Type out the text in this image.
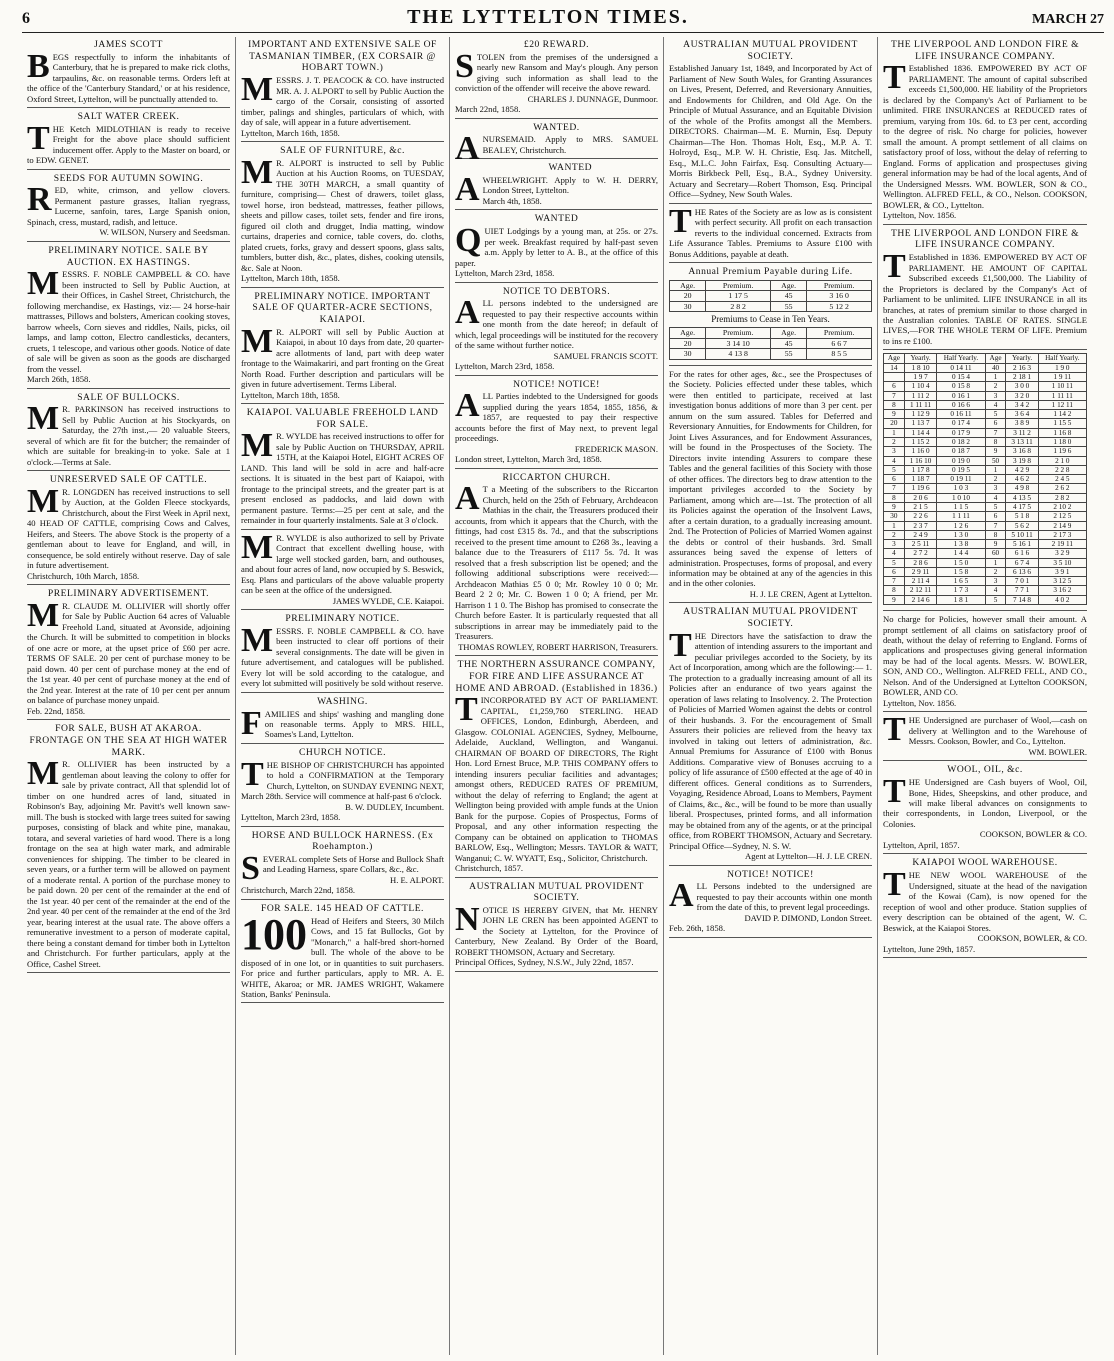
6	THE LYTTELTON TIMES.	MARCH 27
JAMES SCOTT

BEGS respectfully to inform the inhabitants of Canterbury, that he is prepared to make rick cloths, tarpaulins, &c. on reasonable terms. Orders left at the office of the 'Canterbury Standard,' or at his residence, Oxford Street, Lyttelton, will be punctually attended to.

SALT WATER CREEK.

THE Ketch MIDLOTHIAN is ready to receive Freight for the above place should sufficient inducement offer. Apply to the Master on board, or to EDW. GENET.

SEEDS FOR AUTUMN SOWING.

RED, white, crimson, and yellow clovers. Permanent pasture grasses, Italian ryegrass, Lucerne, sanfoin, tares, Large Spanish onion, Spinach, cress, mustard, radish, and lettuce.

W. WILSON, Nursery and Seedsman.
PRELIMINARY NOTICE. SALE BY AUCTION. EX HASTINGS.

MESSRS. F. NOBLE CAMPBELL & CO. have been instructed to Sell by Public Auction, at their Offices, in Cashel Street, Christchurch, the following merchandise, ex Hastings, viz:— 24 horse-hair mattrasses, Pillows and bolsters, American cooking stoves, barrow wheels, Corn sieves and riddles, Nails, picks, oil lamps, and lamp cotton, Electro candlesticks, decanters, cruets, 1 telescope, and various other goods. Notice of date of sale will be given as soon as the goods are discharged from the vessel.

March 26th, 1858.
SALE OF BULLOCKS.

M R. PARKINSON has received instructions to Sell by Public Auction at his Stockyards, on Saturday, the 27th inst.,— 20 valuable Steers, several of which are fit for the butcher; the remainder of which are suitable for breaking-in to yoke. Sale at 1 o'clock.—Terms at Sale.

UNRESERVED SALE OF CATTLE.

M R. LONGDEN has received instructions to sell by Auction, at the Golden Fleece stockyards, Christchurch, about the First Week in April next, 40 HEAD OF CATTLE, comprising Cows and Calves, Heifers, and Steers. The above Stock is the property of a gentleman about to leave for England, and will, in consequence, be sold entirely without reserve. Day of sale in future advertisement.

Christchurch, 10th March, 1858.
PRELIMINARY ADVERTISEMENT.

M R. CLAUDE M. OLLIVIER will shortly offer for Sale by Public Auction 64 acres of Valuable Freehold Land, situated at Avonside, adjoining the Church. It will be submitted to competition in blocks of one acre or more, at the upset price of £60 per acre. TERMS OF SALE. 20 per cent of purchase money to be paid down. 40 per cent of purchase money at the end of the 1st year. 40 per cent of purchase money at the end of the 2nd year. Interest at the rate of 10 per cent per annum on balance of purchase money unpaid.

Feb. 22nd, 1858.
FOR SALE, BUSH AT AKAROA. FRONTAGE ON THE SEA AT HIGH WATER MARK.

M R. OLLIVIER has been instructed by a gentleman about leaving the colony to offer for sale by private contract, All that splendid lot of timber on one hundred acres of land, situated in Robinson's Bay, adjoining Mr. Pavitt's well known saw-mill. The bush is stocked with large trees suited for sawing purposes, consisting of black and white pine, manakau, totara, and several varieties of hard wood. There is a long frontage on the sea at high water mark, and admirable conveniences for shipping. The timber to be cleared in seven years, or a further term will be allowed on payment of a moderate rental. A portion of the purchase money to be paid down. 20 per cent of the remainder at the end of the 1st year. 40 per cent of the remainder at the end of the 2nd year. 40 per cent of the remainder at the end of the 3rd year, bearing interest at the usual rate. The above offers a remunerative investment to a person of moderate capital, there being a constant demand for timber both in Lyttelton and Christchurch. For further particulars, apply at the Office, Cashel Street.

IMPORTANT AND EXTENSIVE SALE OF TASMANIAN TIMBER, (EX CORSAIR @ HOBART TOWN.)

MESSRS. J. T. PEACOCK & CO. have instructed MR. A. J. ALPORT to sell by Public Auction the cargo of the Corsair, consisting of assorted timber, palings and shingles, particulars of which, with day of sale, will appear in a future advertisement.

Lyttelton, March 16th, 1858.
SALE OF FURNITURE, &c.

M R. ALPORT is instructed to sell by Public Auction at his Auction Rooms, on TUESDAY, THE 30TH MARCH, a small quantity of furniture, comprising— Chest of drawers, toilet glass, towel horse, iron bedstead, mattresses, feather pillows, sheets and pillow cases, toilet sets, fender and fire irons, figured oil cloth and drugget, India matting, window curtains, draperies and cornice, table covers, do. cloths, plated cruets, forks, gravy and dessert spoons, glass salts, tumblers, butter dish, &c., plates, dishes, cooking utensils, &c. Sale at Noon.

Lyttelton, March 18th, 1858.
PRELIMINARY NOTICE. IMPORTANT SALE OF QUARTER-ACRE SECTIONS, KAIAPOI.

M R. ALPORT will sell by Public Auction at Kaiapoi, in about 10 days from date, 20 quarter-acre allotments of land, part with deep water frontage to the Waimakariri, and part fronting on the Great North Road. Further description and particulars will be given in future advertisement. Terms Liberal.

Lyttelton, March 18th, 1858.
KAIAPOI. VALUABLE FREEHOLD LAND FOR SALE.

M R. WYLDE has received instructions to offer for sale by Public Auction on THURSDAY, APRIL 15TH, at the Kaiapoi Hotel, EIGHT ACRES OF LAND. This land will be sold in acre and half-acre sections. It is situated in the best part of Kaiapoi, with frontage to the principal streets, and the greater part is at present enclosed as paddocks, and laid down with permanent pasture. Terms:—25 per cent at sale, and the remainder in four quarterly instalments. Sale at 3 o'clock.

M R. WYLDE is also authorized to sell by Private Contract that excellent dwelling house, with large well stocked garden, barn, and outhouses, and about four acres of land, now occupied by S. Beswick, Esq. Plans and particulars of the above valuable property can be seen at the office of the undersigned.

JAMES WYLDE, C.E. Kaiapoi.
PRELIMINARY NOTICE.

MESSRS. F. NOBLE CAMPBELL & CO. have been instructed to clear off portions of their several consignments. The date will be given in future advertisement, and catalogues will be published. Every lot will be sold according to the catalogue, and every lot submitted will positively be sold without reserve.

WASHING.

FAMILIES and ships' washing and mangling done on reasonable terms. Apply to MRS. HILL, Soames's Land, Lyttelton.

CHURCH NOTICE.

THE BISHOP OF CHRISTCHURCH has appointed to hold a CONFIRMATION at the Temporary Church, Lyttelton, on SUNDAY EVENING NEXT, March 28th. Service will commence at half-past 6 o'clock.

B. W. DUDLEY, Incumbent.
Lyttelton, March 23rd, 1858.
HORSE AND BULLOCK HARNESS. (Ex Roehampton.)

SEVERAL complete Sets of Horse and Bullock Shaft and Leading Harness, spare Collars, &c., &c.

H. E. ALPORT.
Christchurch, March 22nd, 1858.
FOR SALE. 145 HEAD OF CATTLE.

100 Head of Heifers and Steers, 30 Milch Cows, and 15 fat Bullocks, Got by "Monarch," a half-bred short-horned bull. The whole of the above to be disposed of in one lot, or in quantities to suit purchasers. For price and further particulars, apply to MR. A. E. WHITE, Akaroa; or MR. JAMES WRIGHT, Wakamere Station, Banks' Peninsula.

£20 REWARD.

STOLEN from the premises of the undersigned a nearly new Ransom and May's plough. Any person giving such information as shall lead to the conviction of the offender will receive the above reward.

CHARLES J. DUNNAGE, Dunmoor.
March 22nd, 1858.
WANTED.

ANURSEMAID. Apply to MRS. SAMUEL BEALEY, Christchurch.

WANTED

AWHEELWRIGHT. Apply to W. H. DERRY, London Street, Lyttelton.

March 4th, 1858.
WANTED

QUIET Lodgings by a young man, at 25s. or 27s. per week. Breakfast required by half-past seven a.m. Apply by letter to A. B., at the office of this paper.

Lyttelton, March 23rd, 1858.
NOTICE TO DEBTORS.

ALL persons indebted to the undersigned are requested to pay their respective accounts within one month from the date hereof; in default of which, legal proceedings will be instituted for the recovery of the same without further notice.

SAMUEL FRANCIS SCOTT.
Lyttelton, March 23rd, 1858.
NOTICE! NOTICE!

ALL Parties indebted to the Undersigned for goods supplied during the years 1854, 1855, 1856, & 1857, are requested to pay their respective accounts before the first of May next, to prevent legal proceedings.

FREDERICK MASON.
London street, Lyttelton, March 3rd, 1858.
RICCARTON CHURCH.

A T a Meeting of the subscribers to the Riccarton Church, held on the 25th of February, Archdeacon Mathias in the chair, the Treasurers produced their accounts, from which it appears that the Church, with the fittings, had cost £315 8s. 7d., and that the subscriptions received to the present time amount to £268 3s., leaving a balance due to the Treasurers of £117 5s. 7d. It was resolved that a fresh subscription list be opened; and the following additional subscriptions were received:— Archdeacon Mathias £5 0 0; Mr. Rowley 10 0 0; Mr. Beard 2 2 0; Mr. C. Bowen 1 0 0; A friend, per Mr. Harrison 1 1 0. The Bishop has promised to consecrate the Church before Easter. It is particularly requested that all subscriptions in arrear may be immediately paid to the Treasurers.

THOMAS ROWLEY, ROBERT HARRISON, Treasurers.
THE NORTHERN ASSURANCE COMPANY, FOR FIRE AND LIFE ASSURANCE AT HOME AND ABROAD. (Established in 1836.)

TINCORPORATED BY ACT OF PARLIAMENT. CAPITAL, £1,259,760 STERLING. HEAD OFFICES, London, Edinburgh, Aberdeen, and Glasgow. COLONIAL AGENCIES, Sydney, Melbourne, Adelaide, Auckland, Wellington, and Wanganui. CHAIRMAN OF BOARD OF DIRECTORS, The Right Hon. Lord Ernest Bruce, M.P. THIS COMPANY offers to intending insurers peculiar facilities and advantages; amongst others, REDUCED RATES OF PREMIUM, without the delay of referring to England; the agent at Wellington being provided with ample funds at the Union Bank for the purpose. Copies of Prospectus, Forms of Proposal, and any other information respecting the Company can be obtained on application to THOMAS BARLOW, Esq., Wellington; Messrs. TAYLOR & WATT, Wanganui; C. W. WYATT, Esq., Solicitor, Christchurch.

Christchurch, 1857.
AUSTRALIAN MUTUAL PROVIDENT SOCIETY.

NOTICE IS HEREBY GIVEN, that Mr. HENRY JOHN LE CREN has been appointed AGENT to the Society at Lyttelton, for the Province of Canterbury, New Zealand. By Order of the Board, ROBERT THOMSON, Actuary and Secretary.

Principal Offices, Sydney, N.S.W., July 22nd, 1857.
AUSTRALIAN MUTUAL PROVIDENT SOCIETY.

Established January 1st, 1849, and Incorporated by Act of Parliament of New South Wales, for Granting Assurances on Lives, Present, Deferred, and Reversionary Annuities, and Endowments for Children, and Old Age. On the Principle of Mutual Assurance, and an Equitable Division of the whole of the Profits amongst all the Members. DIRECTORS. Chairman—M. E. Murnin, Esq. Deputy Chairman—The Hon. Thomas Holt, Esq., M.P. A. T. Holroyd, Esq., M.P. W. H. Christie, Esq. Jas. Mitchell, Esq., M.L.C. John Fairfax, Esq. Consulting Actuary—Morris Birkbeck Pell, Esq., B.A., Sydney University. Actuary and Secretary—Robert Thomson, Esq. Principal Office—Sydney, New South Wales.

THE Rates of the Society are as low as is consistent with perfect security. All profit on each transaction reverts to the individual concerned. Extracts from Life Assurance Tables. Premiums to Assure £100 with Bonus Additions, payable at death.

Annual Premium Payable during Life.
Age.	Premium.	Age.	Premium.
20	1 17 5	45	3 16 0
30	2 8 2	55	5 12 2
Premiums to Cease in Ten Years.
Age.	Premium.	Age.	Premium.
20	3 14 10	45	6 6 7
30	4 13 8	55	8 5 5

For the rates for other ages, &c., see the Prospectuses of the Society. Policies effected under these tables, which were then entitled to participate, received at last investigation bonus additions of more than 3 per cent. per annum on the sum assured. Tables for Deferred and Reversionary Annuities, for Endowments for Children, for Joint Lives Assurances, and for Endowment Assurances, will be found in the Prospectuses of the Society. The Directors invite intending Assurers to compare these Tables and the general facilities of this Society with those of other offices. The directors beg to draw attention to the important privileges accorded to the Society by Parliament, among which are—1st. The protection of all its Policies against the operation of the Insolvent Laws, after a certain duration, to a gradually increasing amount. 2nd. The Protection of Policies of Married Women against the debts or control of their husbands. 3rd. Small assurances being saved the expense of letters of administration. Prospectuses, forms of proposal, and every information may be obtained at any of the agencies in this and in the other colonies.

H. J. LE CREN, Agent at Lyttelton.
AUSTRALIAN MUTUAL PROVIDENT SOCIETY.

THE Directors have the satisfaction to draw the attention of intending assurers to the important and peculiar privileges accorded to the Society, by its Act of Incorporation, among which are the following:— 1. The protection to a gradually increasing amount of all its Policies after an endurance of two years against the operation of laws relating to Insolvency. 2. The Protection of Policies of Married Women against the debts or control of their husbands. 3. For the encouragement of Small Assurers their policies are relieved from the heavy tax involved in taking out letters of administration, &c. Annual Premiums for Assurance of £100 with Bonus Additions. Comparative view of Bonuses accruing to a policy of life assurance of £500 effected at the age of 40 in different offices. General conditions as to Surrenders, Voyaging, Residence Abroad, Loans to Members, Payment of Claims, &c., &c., will be found to be more than usually liberal. Prospectuses, printed forms, and all information may be obtained from any of the agents, or at the principal office, from ROBERT THOMSON, Actuary and Secretary. Principal Office—Sydney, N. S. W.

Agent at Lyttelton—H. J. LE CREN.
NOTICE! NOTICE!

ALL Persons indebted to the undersigned are requested to pay their accounts within one month from the date of this, to prevent legal proceedings.

DAVID P. DIMOND, London Street.
Feb. 26th, 1858.
THE LIVERPOOL AND LONDON FIRE & LIFE INSURANCE COMPANY.

T Established 1836. EMPOWERED BY ACT OF PARLIAMENT. The amount of capital subscribed exceeds £1,500,000. HE liability of the Proprietors is declared by the Company's Act of Parliament to be unlimited. FIRE INSURANCES at REDUCED rates of premium, varying from 10s. 6d. to £3 per cent, according to the degree of risk. No charge for policies, however small the amount. A prompt settlement of all claims on satisfactory proof of loss, without the delay of referring to England. Forms of application and prospectuses giving general information may be had of the local agents, And of the Undersigned Messrs. WM. BOWLER, SON & CO., Wellington. ALFRED FELL, & CO., Nelson. COOKSON, BOWLER, & CO., Lyttelton.

Lyttelton, Nov. 1856.
THE LIVERPOOL AND LONDON FIRE & LIFE INSURANCE COMPANY.

T Established in 1836. EMPOWERED BY ACT OF PARLIAMENT. HE AMOUNT OF CAPITAL Subscribed exceeds £1,500,000. The Liability of the Proprietors is declared by the Company's Act of Parliament to be unlimited. LIFE INSURANCE in all its branches, at rates of premium similar to those charged in the Australian colonies. TABLE OF RATES. SINGLE LIVES,—FOR THE WHOLE TERM OF LIFE. Premium to ins re £100.

Age	Yearly.	Half Yearly.	Age	Yearly.	Half Yearly.
14	1 8 10	0 14 11	40	2 16 3	1 9 0
	1 9 7	0 15 4	1	2 18 1	1 9 11
6	1 10 4	0 15 8	2	3 0 0	1 10 11
7	1 11 2	0 16 1	3	3 2 0	1 11 11
8	1 11 11	0 16 6	4	3 4 2	1 12 11
9	1 12 9	0 16 11	5	3 6 4	1 14 2
20	1 13 7	0 17 4	6	3 8 9	1 15 5
1	1 14 4	0 17 9	7	3 11 2	1 16 8
2	1 15 2	0 18 2	8	3 13 11	1 18 0
3	1 16 0	0 18 7	9	3 16 8	1 19 6
4	1 16 10	0 19 0	50	3 19 8	2 1 0
5	1 17 8	0 19 5	1	4 2 9	2 2 8
6	1 18 7	0 19 11	2	4 6 2	2 4 5
7	1 19 6	1 0 3	3	4 9 8	2 6 2
8	2 0 6	1 0 10	4	4 13 5	2 8 2
9	2 1 5	1 1 5	5	4 17 5	2 10 2
30	2 2 6	1 1 11	6	5 1 8	2 12 5
1	2 3 7	1 2 6	7	5 6 2	2 14 9
2	2 4 9	1 3 0	8	5 10 11	2 17 3
3	2 5 11	1 3 8	9	5 16 1	2 19 11
4	2 7 2	1 4 4	60	6 1 6	3 2 9
5	2 8 6	1 5 0	1	6 7 4	3 5 10
6	2 9 11	1 5 8	2	6 13 6	3 9 1
7	2 11 4	1 6 5	3	7 0 1	3 12 5
8	2 12 11	1 7 3	4	7 7 1	3 16 2
9	2 14 6	1 8 1	5	7 14 8	4 0 2

No charge for Policies, however small their amount. A prompt settlement of all claims on satisfactory proof of death, without the delay of referring to England. Forms of applications and prospectuses giving general information may be had of the local agents. Messrs. W. BOWLER, SON, AND CO., Wellington. ALFRED FELL, AND CO., Nelson. And of the Undersigned at Lyttelton COOKSON, BOWLER, AND CO.

Lyttelton, Nov. 1856.

THE Undersigned are purchaser of Wool,—cash on delivery at Wellington and to the Warehouse of Messrs. Cookson, Bowler, and Co., Lyttelton.

WM. BOWLER.
WOOL, OIL, &c.

THE Undersigned are Cash buyers of Wool, Oil, Bone, Hides, Sheepskins, and other produce, and will make liberal advances on consignments to their correspondents, in London, Liverpool, or the Colonies.

COOKSON, BOWLER & CO.
Lyttelton, April, 1857.
KAIAPOI WOOL WAREHOUSE.

THE NEW WOOL WAREHOUSE of the Undersigned, situate at the head of the navigation of the Kowai (Cam), is now opened for the reception of wool and other produce. Station supplies of every description can be obtained of the agent, W. C. Beswick, at the Kaiapoi Stores.

COOKSON, BOWLER, & CO.
Lyttelton, June 29th, 1857.
